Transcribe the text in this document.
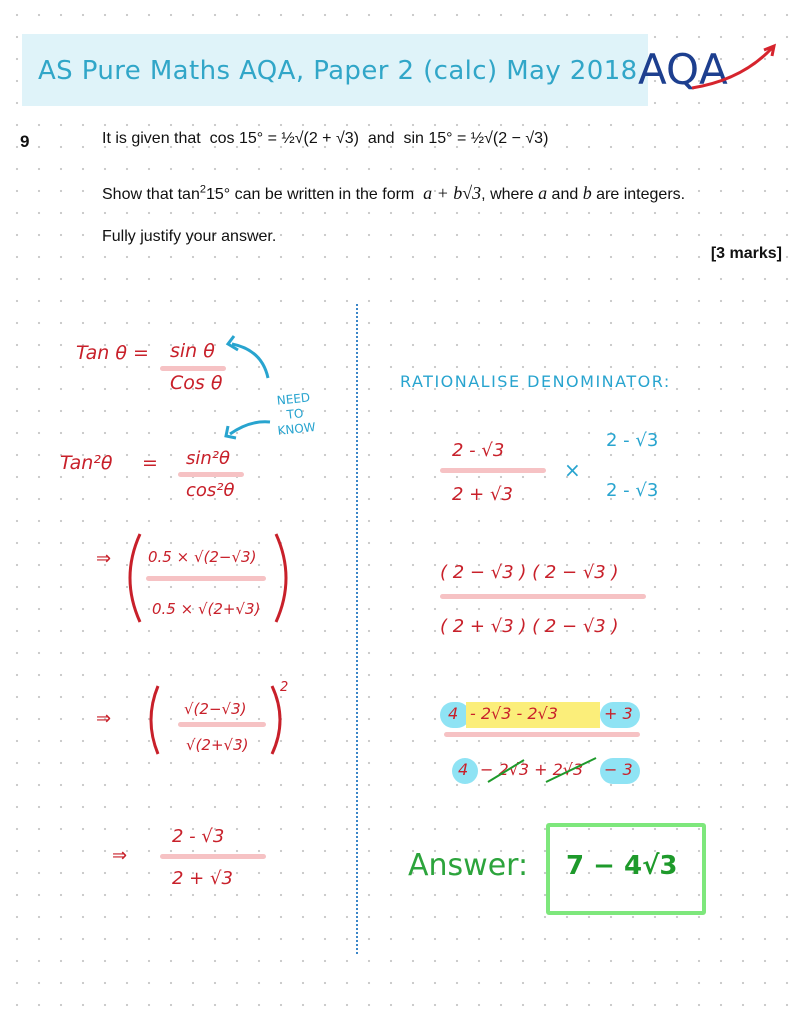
AS Pure Maths AQA, Paper 2 (calc) May 2018 AQA
9	It is given that cos 15° = ½√(2 + √3) and sin 15° = ½√(2 − √3)
Show that $\tan^215^\circ$ can be written in the form a + b√3, where a and b are integers.
Fully justify your answer.
[3 marks]
Tan θ = sin θ
Cos θ
NEED
TO
KNOW
Tan²θ = sin²θ
cos²θ
⇒ 0.5 × √(2−√3)
0.5 × √(2+√3)
⇒
2
√(2−√3)
√(2+√3)
⇒
2 - √3
2 + √3
RATIONALISE DENOMINATOR:
2 - √3
2 + √3
×
2 - √3
2 - √3
( 2 − √3 ) ( 2 − √3 )
( 2 + √3 ) ( 2 − √3 )
4 - 2√3 - 2√3	+ 3
4 − 2√3 + 2√3 − 3
Answer: 7 − 4√3
